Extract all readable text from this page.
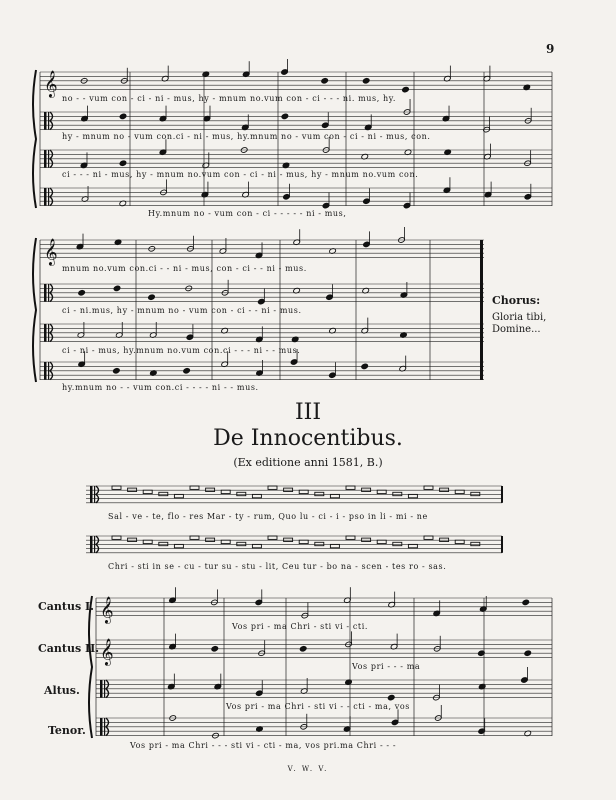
9
no - - vum con - ci - ni - mus, hy - mnum no.vum con - ci - - - ni. mus, hy.
hy - mnum no - vum con.ci - ni - mus, hy.mnum no - vum con - ci - ni - mus, con.
ci - - - ni - mus, hy - mnum no.vum con - ci - ni - mus, hy - mnum no.vum con.
Hy.mnum no - vum con - ci - - - - - ni - mus,
mnum no.vum con.ci - - ni - mus, con - ci - - ni - mus.
ci - ni.mus, hy - mnum no - vum con - ci - - ni - mus.
ci - ni - mus, hy.mnum no.vum con.ci - - - ni - - mus.
hy.mnum no - - vum con.ci - - - - ni - - mus.
Chorus:
Gloria tibi,
Domine...
III
De Innocentibus.
(Ex editione anni 1581, B.)
Sal - ve - te, flo - res Mar - ty - rum, Quo lu - ci - i - pso in li - mi - ne
Chri - sti in se - cu - tur su - stu - lit, Ceu tur - bo na - scen - tes ro - sas.
Cantus I.
Cantus II.
Altus.
Tenor.
Vos pri - ma Chri - sti vi - cti.
Vos pri - - - ma
Vos pri - ma Chri - sti vi - - cti - ma, vos
Vos pri - ma Chri - - - sti vi - cti - ma, vos pri.ma Chri - - -
V. W. V.
𝄞
𝄞
𝄞
𝄞
